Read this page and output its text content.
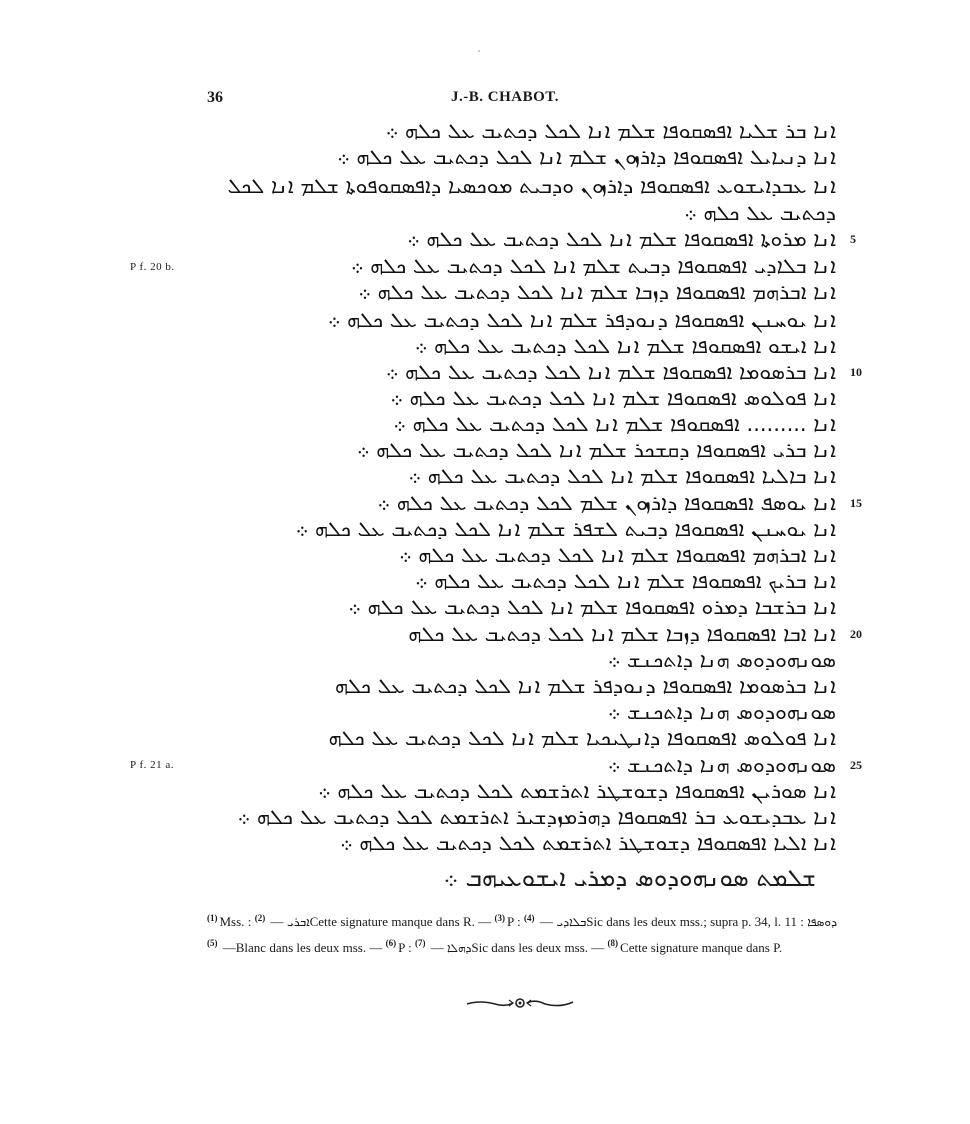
36	J.-B. CHABOT.
ܐܢܐ ܒܪ ܫܠܝܐ ܐܦܣܩܘܦܐ ܫܠܡ ܐܢܐ ܠܟܠ ܕܟܬܝܒ ܥܠ ܟܠܗ ܀
ܐܢܐ ܕܢܝܐܝܠ ܐܦܣܩܘܦܐ ܕܐܪܙܘܢ ܫܠܡ ܐܢܐ ܠܟܠ ܕܟܬܝܒ ܥܠ ܟܠܗ ܀
ܐܢܐ ܥܒܕܐܝܫܘܥ ܐܦܣܩܘܦܐ ܕܐܪܙܘܢ ܘܕܒܝܬ ܡܘܟܣܝܐ ܕܐܦܣܩܘܦܘܬܐ ܫܠܡ ܐܢܐ ܠܟܠ
ܕܟܬܝܒ ܥܠ ܟܠܗ ܀
ܐܢܐ ܡܪܘܬܐ ܐܦܣܩܘܦܐ ܫܠܡ ܐܢܐ ܠܟܠ ܕܟܬܝܒ ܥܠ ܟܠܗ ܀ 5
P f. 20 b.	ܐܢܐ ܒܠܐܕܝ ܐܦܣܩܘܦܐ ܕܒܝܬ ܫܠܡ ܐܢܐ ܠܟܠ ܕܟܬܝܒ ܥܠ ܟܠܗ ܀
ܐܢܐ ܐܒܪܗܡ ܐܦܣܩܘܦܐ ܕܙܒܐ ܫܠܡ ܐܢܐ ܠܟܠ ܕܟܬܝܒ ܥܠ ܟܠܗ ܀
ܐܢܐ ܝܘܚܢܢ ܐܦܣܩܘܦܐ ܕܢܘܕܦܪ ܫܠܡ ܐܢܐ ܠܟܠ ܕܟܬܝܒ ܥܠ ܟܠܗ ܀
ܐܢܐ ܐܝܫܘ ܐܦܣܩܘܦܐ ܫܠܡ ܐܢܐ ܠܟܠ ܕܟܬܝܒ ܥܠ ܟܠܗ ܀
ܐܢܐ ܒܪܣܘܡܐ ܐܦܣܩܘܦܐ ܫܠܡ ܐܢܐ ܠܟܠ ܕܟܬܝܒ ܥܠ ܟܠܗ ܀ 10
ܐܢܐ ܦܘܠܘܣ ܐܦܣܩܘܦܐ ܫܠܡ ܐܢܐ ܠܟܠ ܕܟܬܝܒ ܥܠ ܟܠܗ ܀
ܐܢܐ ......... ܐܦܣܩܘܦܐ ܫܠܡ ܐܢܐ ܠܟܠ ܕܟܬܝܒ ܥܠ ܟܠܗ ܀
ܐܢܐ ܒܪܝ ܐܦܣܩܘܦܐ ܕܩܫܟܪ ܫܠܡ ܐܢܐ ܠܟܠ ܕܟܬܝܒ ܥܠ ܟܠܗ ܀
ܐܢܐ ܒܐܠܝܐ ܐܦܣܩܘܦܐ ܫܠܡ ܐܢܐ ܠܟܠ ܕܟܬܝܒ ܥܠ ܟܠܗ ܀
ܐܢܐ ܝܘܣܦ ܐܦܣܩܘܦܐ ܕܐܪܙܘܢ ܫܠܡ ܠܟܠ ܕܟܬܝܒ ܥܠ ܟܠܗ ܀ 15
ܐܢܐ ܝܘܚܢܢ ܐܦܣܩܘܦܐ ܕܒܝܬ ܠܫܦܪ ܫܠܡ ܐܢܐ ܠܟܠ ܕܟܬܝܒ ܥܠ ܟܠܗ ܀
ܐܢܐ ܐܒܪܗܡ ܐܦܣܩܘܦܐ ܫܠܡ ܐܢܐ ܠܟܠ ܕܟܬܝܒ ܥܠ ܟܠܗ ܀
ܐܢܐ ܒܪܝܟ ܐܦܣܩܘܦܐ ܫܠܡ ܐܢܐ ܠܟܠ ܕܟܬܝܒ ܥܠ ܟܠܗ ܀
ܐܢܐ ܒܪܫܒܐ ܕܡܪܘ ܐܦܣܩܘܦܐ ܫܠܡ ܐܢܐ ܠܟܠ ܕܟܬܝܒ ܥܠ ܟܠܗ ܀
ܐܢܐ ܐܒܐ ܐܦܣܩܘܦܐ ܕܙܒܐ ܫܠܡ ܐܢܐ ܠܟܠ ܕܟܬܝܒ ܥܠ ܟܠܗ 20
ܣܘܢܗܘܕܘܣ ܗܢܐ ܕܐܬܟܢܫ ܀
ܐܢܐ ܒܪܣܘܡܐ ܐܦܣܩܘܦܐ ܕܢܘܕܦܪ ܫܠܡ ܐܢܐ ܠܟܠ ܕܟܬܝܒ ܥܠ ܟܠܗ
ܣܘܢܗܘܕܘܣ ܗܢܐ ܕܐܬܟܢܫ ܀
ܐܢܐ ܦܘܠܘܣ ܐܦܣܩܘܦܐ ܕܐܢܛܝܟܝܐ ܫܠܡ ܐܢܐ ܠܟܠ ܕܟܬܝܒ ܥܠ ܟܠܗ
P f. 21 a.	ܣܘܢܗܘܕܘܣ ܗܢܐ ܕܐܬܟܢܫ ܀ 25
ܐܢܐ ܣܘܪܝܢ ܐܦܣܩܘܦܐ ܕܫܘܫܛܪ ܐܬܪܫܡܬ ܠܟܠ ܕܟܬܝܒ ܥܠ ܟܠܗ ܀
ܐܢܐ ܥܒܕܝܫܘܥ ܒܪ ܐܦܣܩܘܦܐ ܕܗܪܡܙܕܫܝܪ ܐܬܪܫܡܬ ܠܟܠ ܕܟܬܝܒ ܥܠ ܟܠܗ ܀
ܐܢܐ ܐܠܝܐ ܐܦܣܩܘܦܐ ܕܫܘܫܛܪ ܐܬܪܫܡܬ ܠܟܠ ܕܟܬܝܒ ܥܠ ܟܠܗ ܀
ܫܠܡܬ ܣܘܢܗܘܕܘܣ ܕܡܪܝ ܐܝܫܘܥܝܗܒ ܀
$^{(1)}$ Mss. :	ܐܒܪܝ — $^{(2)}$	Cette signature manque dans R. — $^{(3)}$ P :	ܒܠܐܕܝ — $^{(4)}$	Sic dans les deux mss.; supra p. 34, l. 11 : ܕܘܣܦܐ — $^{(5)}$ Blanc dans les deux mss. — $^{(6)}$ P :	ܕܗܠܐ — $^{(7)}$	Sic dans les deux mss. — $^{(8)}$ Cette signature manque dans P.
